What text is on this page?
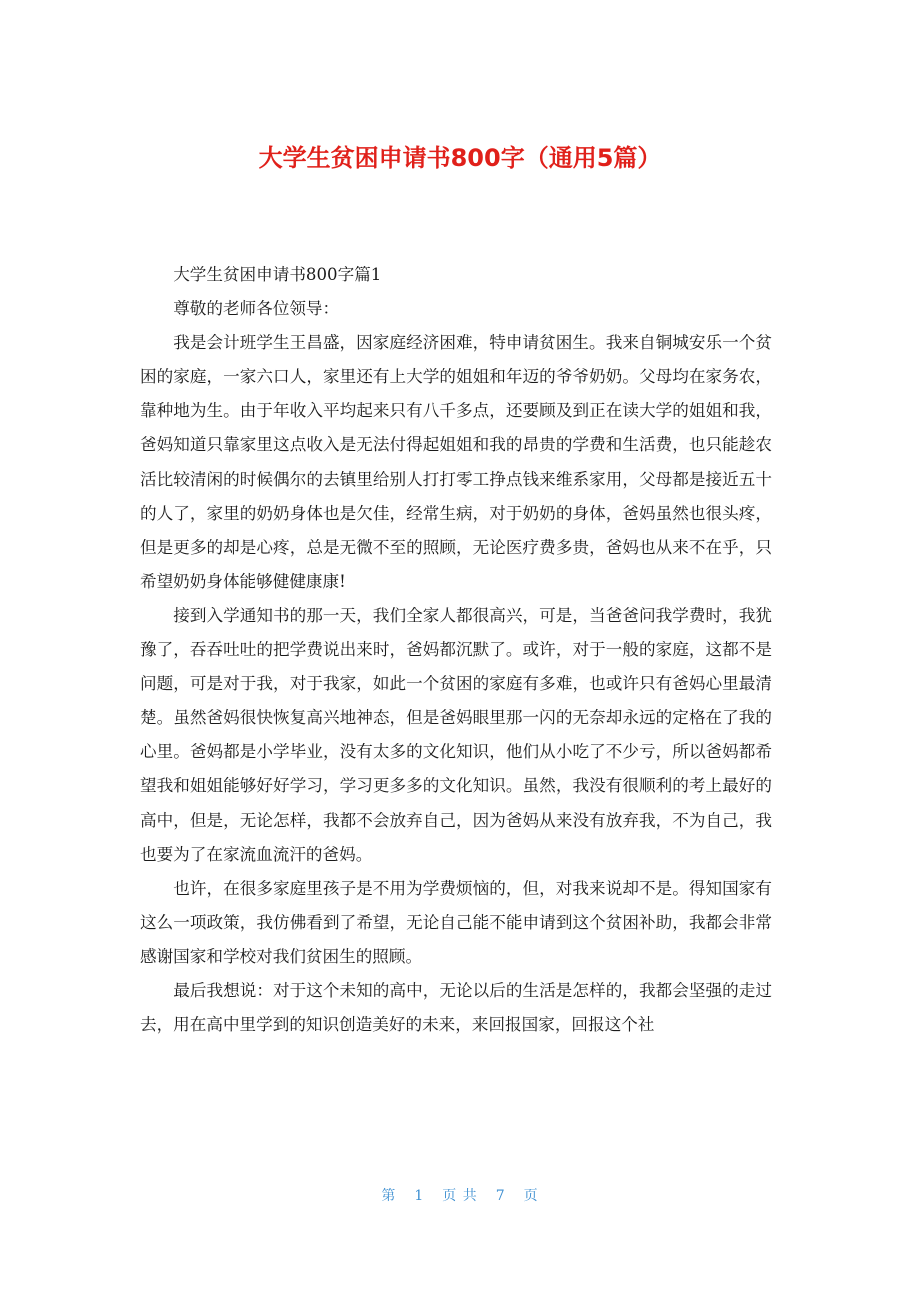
大学生贫困申请书800字（通用5篇）

大学生贫困申请书800字篇1

尊敬的老师各位领导：

我是会计班学生王昌盛，因家庭经济困难，特申请贫困生。我来自铜城安乐一个贫困的家庭，一家六口人，家里还有上大学的姐姐和年迈的爷爷奶奶。父母均在家务农，靠种地为生。由于年收入平均起来只有八千多点，还要顾及到正在读大学的姐姐和我，爸妈知道只靠家里这点收入是无法付得起姐姐和我的昂贵的学费和生活费，也只能趁农活比较清闲的时候偶尔的去镇里给别人打打零工挣点钱来维系家用，父母都是接近五十的人了，家里的奶奶身体也是欠佳，经常生病，对于奶奶的身体，爸妈虽然也很头疼，但是更多的却是心疼，总是无微不至的照顾，无论医疗费多贵，爸妈也从来不在乎，只希望奶奶身体能够健健康康!

接到入学通知书的那一天，我们全家人都很高兴，可是，当爸爸问我学费时，我犹豫了，吞吞吐吐的把学费说出来时，爸妈都沉默了。或许，对于一般的家庭，这都不是问题，可是对于我，对于我家，如此一个贫困的家庭有多难，也或许只有爸妈心里最清楚。虽然爸妈很快恢复高兴地神态，但是爸妈眼里那一闪的无奈却永远的定格在了我的心里。爸妈都是小学毕业，没有太多的文化知识，他们从小吃了不少亏，所以爸妈都希望我和姐姐能够好好学习，学习更多多的文化知识。虽然，我没有很顺利的考上最好的高中，但是，无论怎样，我都不会放弃自己，因为爸妈从来没有放弃我，不为自己，我也要为了在家流血流汗的爸妈。

也许，在很多家庭里孩子是不用为学费烦恼的，但，对我来说却不是。得知国家有这么一项政策，我仿佛看到了希望，无论自己能不能申请到这个贫困补助，我都会非常感谢国家和学校对我们贫困生的照顾。

最后我想说：对于这个未知的高中，无论以后的生活是怎样的，我都会坚强的走过去，用在高中里学到的知识创造美好的未来，来回报国家，回报这个社

第 1 页 共 7 页
